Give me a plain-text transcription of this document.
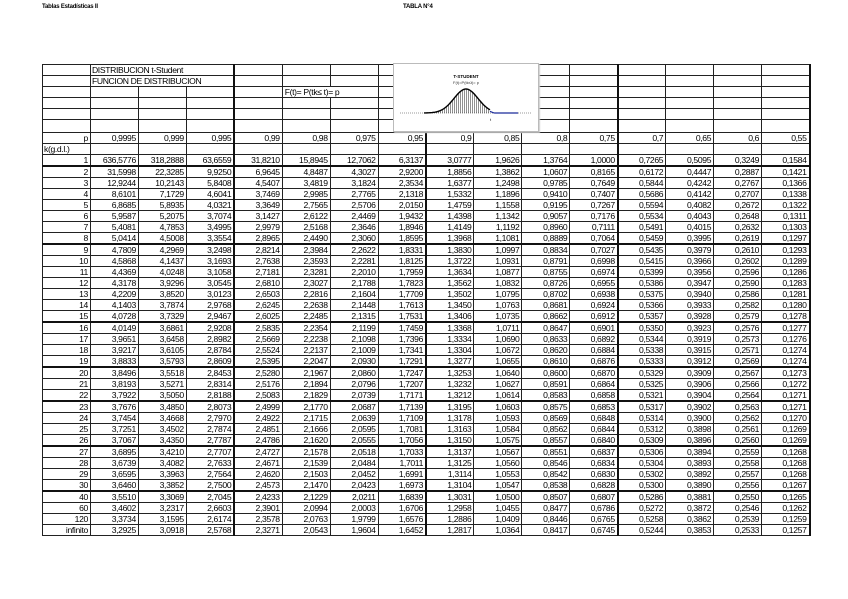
Tablas Estadísticas II	TABLA N°4
	DISTRIBUCION t-Student														
	FUNCION DE DISTRIBUCION														

					F(t)= P(tk≤ t)= p										

p	0,9995	0,999	0,995	0,99	0,98	0,975	0,95	0,9	0,85	0,8	0,75	0,7	0,65	0,6	0,55
k(g.d.l.)															
1	636,5776	318,2888	63,6559	31,8210	15,8945	12,7062	6,3137	3,0777	1,9626	1,3764	1,0000	0,7265	0,5095	0,3249	0,1584
2	31,5998	22,3285	9,9250	6,9645	4,8487	4,3027	2,9200	1,8856	1,3862	1,0607	0,8165	0,6172	0,4447	0,2887	0,1421
3	12,9244	10,2143	5,8408	4,5407	3,4819	3,1824	2,3534	1,6377	1,2498	0,9785	0,7649	0,5844	0,4242	0,2767	0,1366
4	8,6101	7,1729	4,6041	3,7469	2,9985	2,7765	2,1318	1,5332	1,1896	0,9410	0,7407	0,5686	0,4142	0,2707	0,1338
5	6,8685	5,8935	4,0321	3,3649	2,7565	2,5706	2,0150	1,4759	1,1558	0,9195	0,7267	0,5594	0,4082	0,2672	0,1322
6	5,9587	5,2075	3,7074	3,1427	2,6122	2,4469	1,9432	1,4398	1,1342	0,9057	0,7176	0,5534	0,4043	0,2648	0,1311
7	5,4081	4,7853	3,4995	2,9979	2,5168	2,3646	1,8946	1,4149	1,1192	0,8960	0,7111	0,5491	0,4015	0,2632	0,1303
8	5,0414	4,5008	3,3554	2,8965	2,4490	2,3060	1,8595	1,3968	1,1081	0,8889	0,7064	0,5459	0,3995	0,2619	0,1297
9	4,7809	4,2969	3,2498	2,8214	2,3984	2,2622	1,8331	1,3830	1,0997	0,8834	0,7027	0,5435	0,3979	0,2610	0,1293
10	4,5868	4,1437	3,1693	2,7638	2,3593	2,2281	1,8125	1,3722	1,0931	0,8791	0,6998	0,5415	0,3966	0,2602	0,1289
11	4,4369	4,0248	3,1058	2,7181	2,3281	2,2010	1,7959	1,3634	1,0877	0,8755	0,6974	0,5399	0,3956	0,2596	0,1286
12	4,3178	3,9296	3,0545	2,6810	2,3027	2,1788	1,7823	1,3562	1,0832	0,8726	0,6955	0,5386	0,3947	0,2590	0,1283
13	4,2209	3,8520	3,0123	2,6503	2,2816	2,1604	1,7709	1,3502	1,0795	0,8702	0,6938	0,5375	0,3940	0,2586	0,1281
14	4,1403	3,7874	2,9768	2,6245	2,2638	2,1448	1,7613	1,3450	1,0763	0,8681	0,6924	0,5366	0,3933	0,2582	0,1280
15	4,0728	3,7329	2,9467	2,6025	2,2485	2,1315	1,7531	1,3406	1,0735	0,8662	0,6912	0,5357	0,3928	0,2579	0,1278
16	4,0149	3,6861	2,9208	2,5835	2,2354	2,1199	1,7459	1,3368	1,0711	0,8647	0,6901	0,5350	0,3923	0,2576	0,1277
17	3,9651	3,6458	2,8982	2,5669	2,2238	2,1098	1,7396	1,3334	1,0690	0,8633	0,6892	0,5344	0,3919	0,2573	0,1276
18	3,9217	3,6105	2,8784	2,5524	2,2137	2,1009	1,7341	1,3304	1,0672	0,8620	0,6884	0,5338	0,3915	0,2571	0,1274
19	3,8833	3,5793	2,8609	2,5395	2,2047	2,0930	1,7291	1,3277	1,0655	0,8610	0,6876	0,5333	0,3912	0,2569	0,1274
20	3,8496	3,5518	2,8453	2,5280	2,1967	2,0860	1,7247	1,3253	1,0640	0,8600	0,6870	0,5329	0,3909	0,2567	0,1273
21	3,8193	3,5271	2,8314	2,5176	2,1894	2,0796	1,7207	1,3232	1,0627	0,8591	0,6864	0,5325	0,3906	0,2566	0,1272
22	3,7922	3,5050	2,8188	2,5083	2,1829	2,0739	1,7171	1,3212	1,0614	0,8583	0,6858	0,5321	0,3904	0,2564	0,1271
23	3,7676	3,4850	2,8073	2,4999	2,1770	2,0687	1,7139	1,3195	1,0603	0,8575	0,6853	0,5317	0,3902	0,2563	0,1271
24	3,7454	3,4668	2,7970	2,4922	2,1715	2,0639	1,7109	1,3178	1,0593	0,8569	0,6848	0,5314	0,3900	0,2562	0,1270
25	3,7251	3,4502	2,7874	2,4851	2,1666	2,0595	1,7081	1,3163	1,0584	0,8562	0,6844	0,5312	0,3898	0,2561	0,1269
26	3,7067	3,4350	2,7787	2,4786	2,1620	2,0555	1,7056	1,3150	1,0575	0,8557	0,6840	0,5309	0,3896	0,2560	0,1269
27	3,6895	3,4210	2,7707	2,4727	2,1578	2,0518	1,7033	1,3137	1,0567	0,8551	0,6837	0,5306	0,3894	0,2559	0,1268
28	3,6739	3,4082	2,7633	2,4671	2,1539	2,0484	1,7011	1,3125	1,0560	0,8546	0,6834	0,5304	0,3893	0,2558	0,1268
29	3,6595	3,3963	2,7564	2,4620	2,1503	2,0452	1,6991	1,3114	1,0553	0,8542	0,6830	0,5302	0,3892	0,2557	0,1268
30	3,6460	3,3852	2,7500	2,4573	2,1470	2,0423	1,6973	1,3104	1,0547	0,8538	0,6828	0,5300	0,3890	0,2556	0,1267
40	3,5510	3,3069	2,7045	2,4233	2,1229	2,0211	1,6839	1,3031	1,0500	0,8507	0,6807	0,5286	0,3881	0,2550	0,1265
60	3,4602	3,2317	2,6603	2,3901	2,0994	2,0003	1,6706	1,2958	1,0455	0,8477	0,6786	0,5272	0,3872	0,2546	0,1262
120	3,3734	3,1595	2,6174	2,3578	2,0763	1,9799	1,6576	1,2886	1,0409	0,8446	0,6765	0,5258	0,3862	0,2539	0,1259
infinito	3,2925	3,0918	2,5768	2,3271	2,0543	1,9604	1,6452	1,2817	1,0364	0,8417	0,6745	0,5244	0,3853	0,2533	0,1257
T-STUDENT
F(t)=P(tk≤t)= p
t
